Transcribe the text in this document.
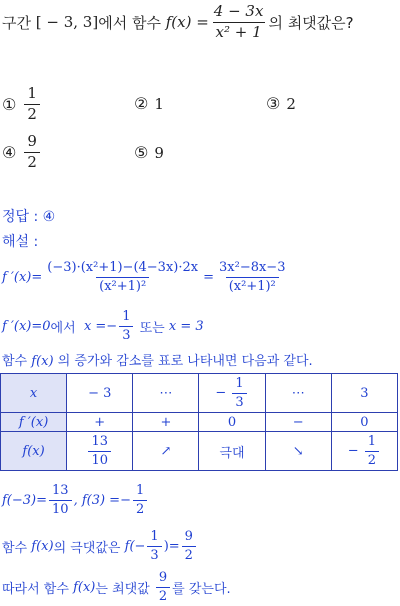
구간
[ − 3, 3] 에서 함수
$f(x) = \frac{4 - 3x}{\text{x² + 1}}$ 의 최댓값은?
① $\frac{1}{2}$	② 1	③ 2
④ $\frac{9}{2}$	⑤ 9
정답 : ④
해설 :
f $'(x)= \frac{\text{(−3)·(x²+1)−(4−3x)·2x}}{\text{(x²+1)²}} = \frac{\text{3x²−8x−3}}{\text{(x²+1)²}}$
f ′(x)=0 에서
$x =- \frac{1}{3}$
또는
x = 3
함수 f(x) 의 증가와 감소를 표로 나타내면 다음과 같다.
x	− 3	⋯	− $\frac{1}{3}$	⋯	3
f ′(x)	+	+	0	−	0
f(x)	$\frac{13}{10}$	↗	극대	↘	− $\frac{1}{2}$
$f(-3)= \frac{13}{10}$ , $f(3) =- \frac{1}{2}$
함수
f(x) 의 극댓값은
$f(- \frac{1}{3}$ )= $\frac{9}{2}$
따라서 함수
f(x) 는 최댓값
$\frac{9}{2}$ 를 갖는다.
